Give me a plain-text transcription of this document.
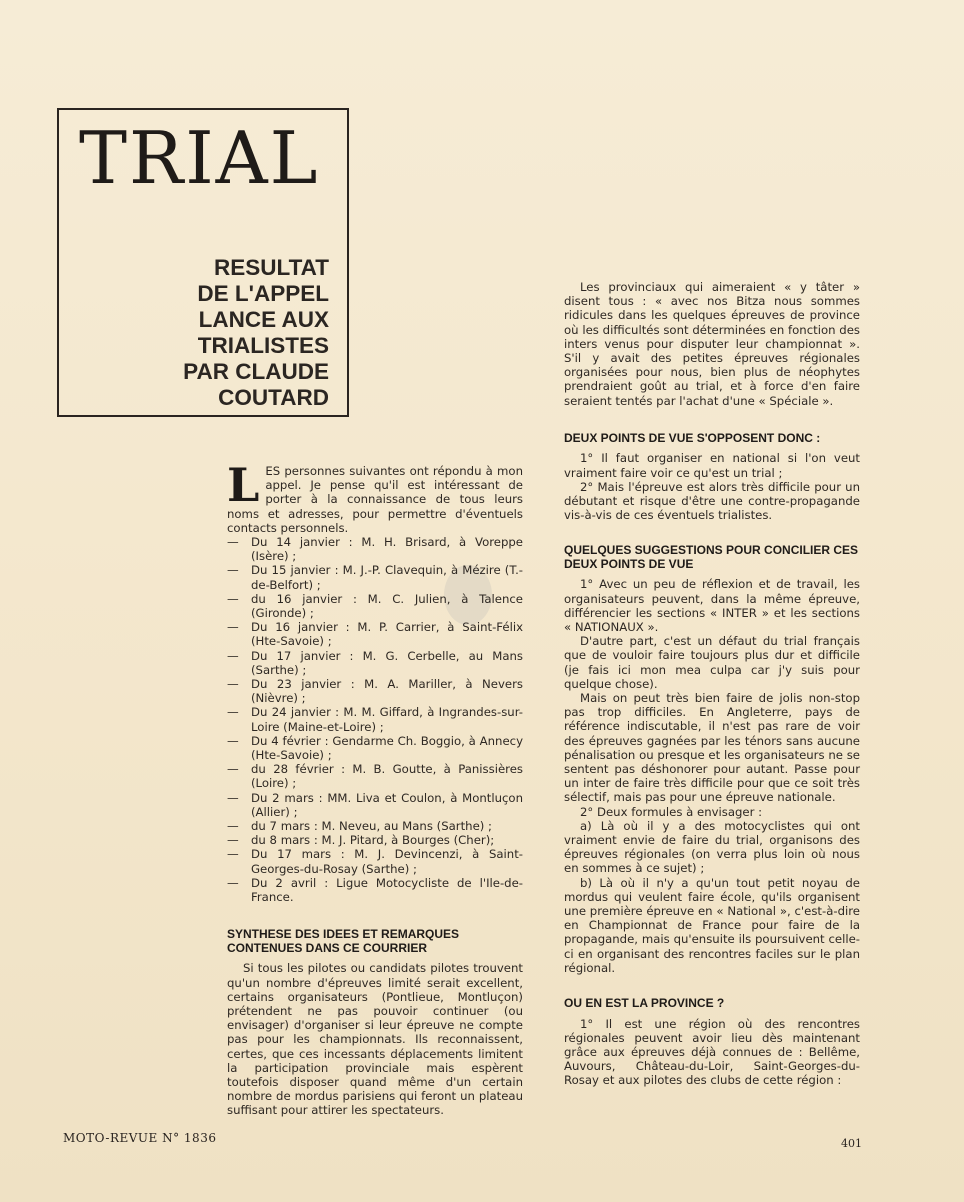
TRIAL
RESULTAT
DE L'APPEL
LANCE AUX
TRIALISTES
PAR CLAUDE
COUTARD
LES personnes suivantes ont répondu à mon appel. Je pense qu'il est intéressant de porter à la connaissance de tous leurs noms et adresses, pour permettre d'éventuels contacts personnels.
— Du 14 janvier : M. H. Brisard, à Voreppe (Isère) ;
— Du 15 janvier : M. J.-P. Clavequin, à Mézire (T.-de-Belfort) ;
— du 16 janvier : M. C. Julien, à Talence (Gironde) ;
— Du 16 janvier : M. P. Carrier, à Saint-Félix (Hte-Savoie) ;
— Du 17 janvier : M. G. Cerbelle, au Mans (Sarthe) ;
— Du 23 janvier : M. A. Mariller, à Nevers (Nièvre) ;
— Du 24 janvier : M. M. Giffard, à Ingrandes-sur-Loire (Maine-et-Loire) ;
— Du 4 février : Gendarme Ch. Boggio, à Annecy (Hte-Savoie) ;
— du 28 février : M. B. Goutte, à Panissières (Loire) ;
— Du 2 mars : MM. Liva et Coulon, à Montluçon (Allier) ;
— du 7 mars : M. Neveu, au Mans (Sarthe) ;
— du 8 mars : M. J. Pitard, à Bourges (Cher);
— Du 17 mars : M. J. Devincenzi, à Saint-Georges-du-Rosay (Sarthe) ;
— Du 2 avril : Ligue Motocycliste de l'Ile-de-France.
SYNTHESE DES IDEES ET REMARQUES CONTENUES DANS CE COURRIER

Si tous les pilotes ou candidats pilotes trouvent qu'un nombre d'épreuves limité serait excellent, certains organisateurs (Pontlieue, Montluçon) prétendent ne pas pouvoir continuer (ou envisager) d'organiser si leur épreuve ne compte pas pour les championnats. Ils reconnaissent, certes, que ces incessants déplacements limitent la participation provinciale mais espèrent toutefois disposer quand même d'un certain nombre de mordus parisiens qui feront un plateau suffisant pour attirer les spectateurs.

Les provinciaux qui aimeraient « y tâter » disent tous : « avec nos Bitza nous sommes ridicules dans les quelques épreuves de province où les difficultés sont déterminées en fonction des inters venus pour disputer leur championnat ». S'il y avait des petites épreuves régionales organisées pour nous, bien plus de néophytes prendraient goût au trial, et à force d'en faire seraient tentés par l'achat d'une « Spéciale ».

DEUX POINTS DE VUE S'OPPOSENT DONC :

1° Il faut organiser en national si l'on veut vraiment faire voir ce qu'est un trial ;

2° Mais l'épreuve est alors très difficile pour un débutant et risque d'être une contre-propagande vis-à-vis de ces éventuels trialistes.

QUELQUES SUGGESTIONS POUR CONCILIER CES DEUX POINTS DE VUE

1° Avec un peu de réflexion et de travail, les organisateurs peuvent, dans la même épreuve, différencier les sections « INTER » et les sections « NATIONAUX ».

D'autre part, c'est un défaut du trial français que de vouloir faire toujours plus dur et difficile (je fais ici mon mea culpa car j'y suis pour quelque chose).

Mais on peut très bien faire de jolis non-stop pas trop difficiles. En Angleterre, pays de référence indiscutable, il n'est pas rare de voir des épreuves gagnées par les ténors sans aucune pénalisation ou presque et les organisateurs ne se sentent pas déshonorer pour autant. Passe pour un inter de faire très difficile pour que ce soit très sélectif, mais pas pour une épreuve nationale.

2° Deux formules à envisager :

a) Là où il y a des motocyclistes qui ont vraiment envie de faire du trial, organisons des épreuves régionales (on verra plus loin où nous en sommes à ce sujet) ;

b) Là où il n'y a qu'un tout petit noyau de mordus qui veulent faire école, qu'ils organisent une première épreuve en « National », c'est-à-dire en Championnat de France pour faire de la propagande, mais qu'ensuite ils poursuivent celle-ci en organisant des rencontres faciles sur le plan régional.

OU EN EST LA PROVINCE ?

1° Il est une région où des rencontres régionales peuvent avoir lieu dès maintenant grâce aux épreuves déjà connues de : Bellême, Auvours, Château-du-Loir, Saint-Georges-du-Rosay et aux pilotes des clubs de cette région :

MOTO-REVUE N° 1836	401
